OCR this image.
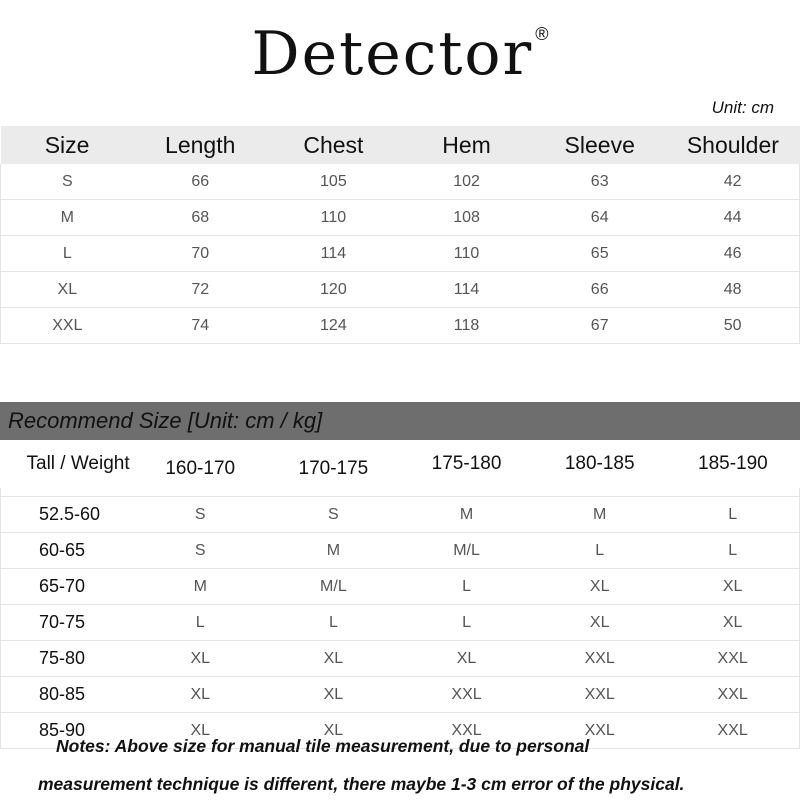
Detector ®
Unit: cm
Size	Length	Chest	Hem	Sleeve	Shoulder
S	66	105	102	63	42
M	68	110	108	64	44
L	70	114	110	65	46
XL	72	120	114	66	48
XXL	74	124	118	67	50
Recommend Size [Unit: cm / kg]
Tall / Weight	160-170	170-175	175-180	180-185	185-190

52.5-60	S	S	M	M	L
60-65	S	M	M/L	L	L
65-70	M	M/L	L	XL	XL
70-75	L	L	L	XL	XL
75-80	XL	XL	XL	XXL	XXL
80-85	XL	XL	XXL	XXL	XXL
85-90	XL	XL	XXL	XXL	XXL
Notes: Above size for manual tile measurement, due to personal
measurement technique is different, there maybe 1-3 cm error of the physical.
